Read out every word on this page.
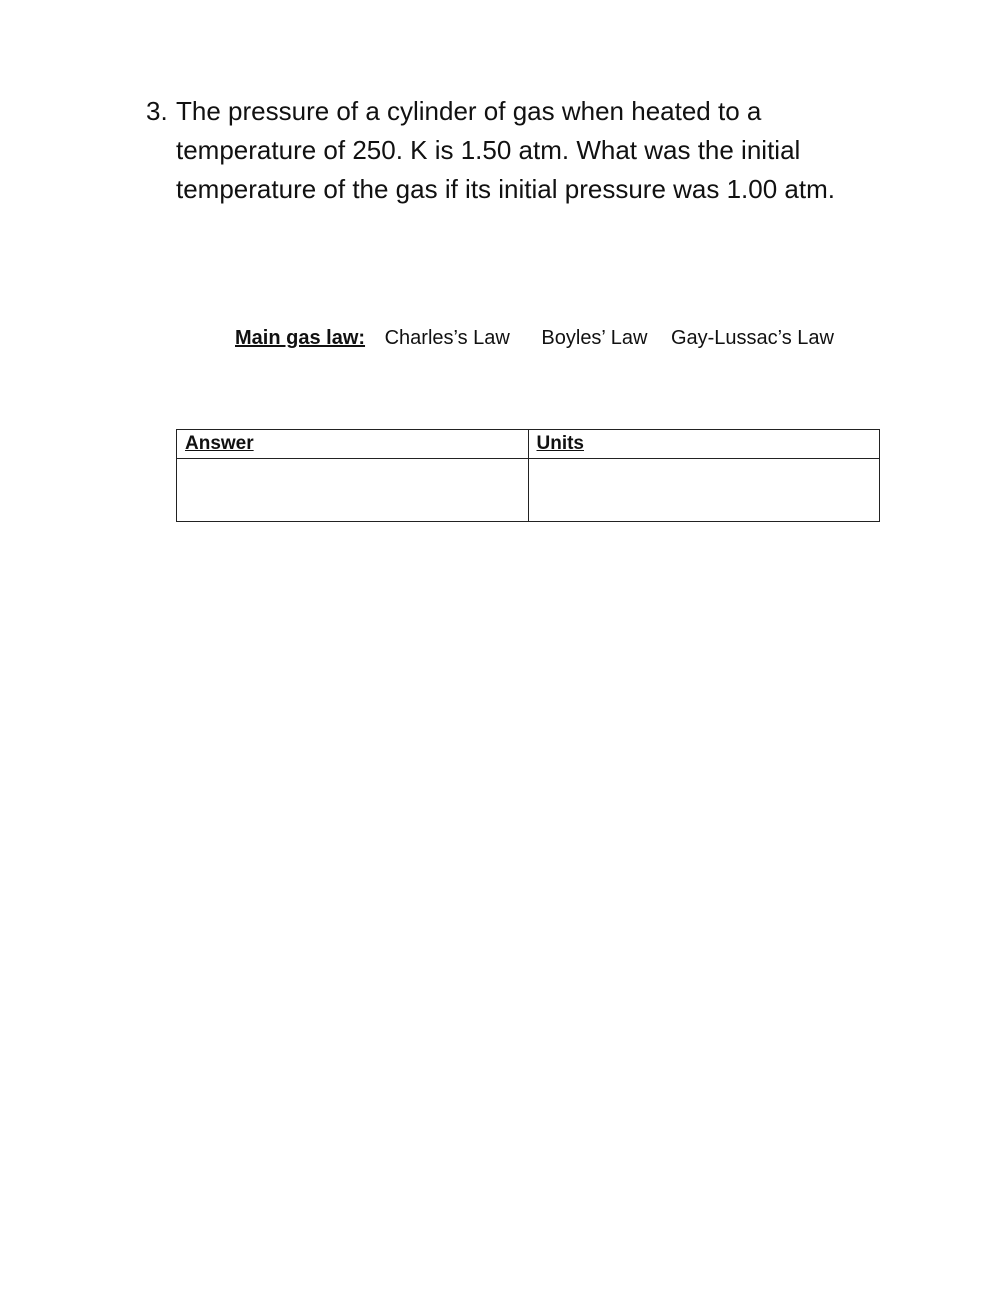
3. The pressure of a cylinder of gas when heated to a temperature of 250. K is 1.50 atm. What was the initial temperature of the gas if its initial pressure was 1.00 atm.
Main gas law: Charles’s Law Boyles’ Law Gay-Lussac’s Law
Answer	Units
